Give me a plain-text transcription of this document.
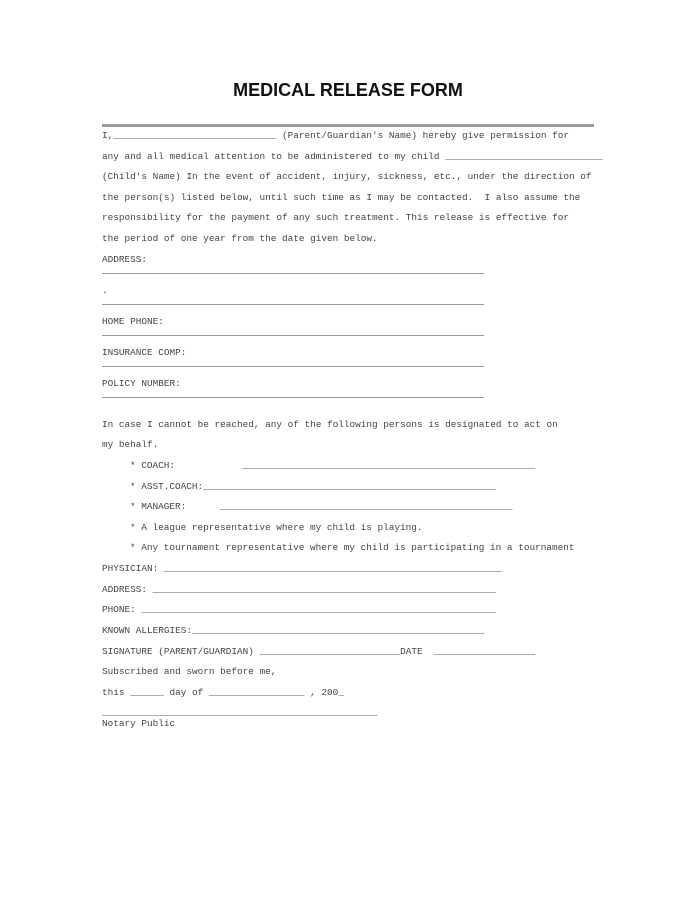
MEDICAL RELEASE FORM
I,_____________________________ (Parent/Guardian's Name) hereby give permission for
any and all medical attention to be administered to my child ____________________________
(Child's Name) In the event of accident, injury, sickness, etc., under the direction of
the person(s) listed below, until such time as I may be contacted.  I also assume the
responsibility for the payment of any such treatment. This release is effective for
the period of one year from the date given below.
ADDRESS:
.
HOME PHONE:
INSURANCE COMP:
POLICY NUMBER:
In case I cannot be reached, any of the following persons is designated to act on
my behalf.
* COACH:            ____________________________________________________
* ASST.COACH:____________________________________________________
* MANAGER:      ____________________________________________________
* A league representative where my child is playing.
* Any tournament representative where my child is participating in a tournament
PHYSICIAN: ____________________________________________________________
ADDRESS: _____________________________________________________________
PHONE: _______________________________________________________________
KNOWN ALLERGIES:____________________________________________________
SIGNATURE (PARENT/GUARDIAN) _________________________DATE  __________________
Subscribed and sworn before me,
this ______ day of _________________ , 200_
_________________________________________________
Notary Public
